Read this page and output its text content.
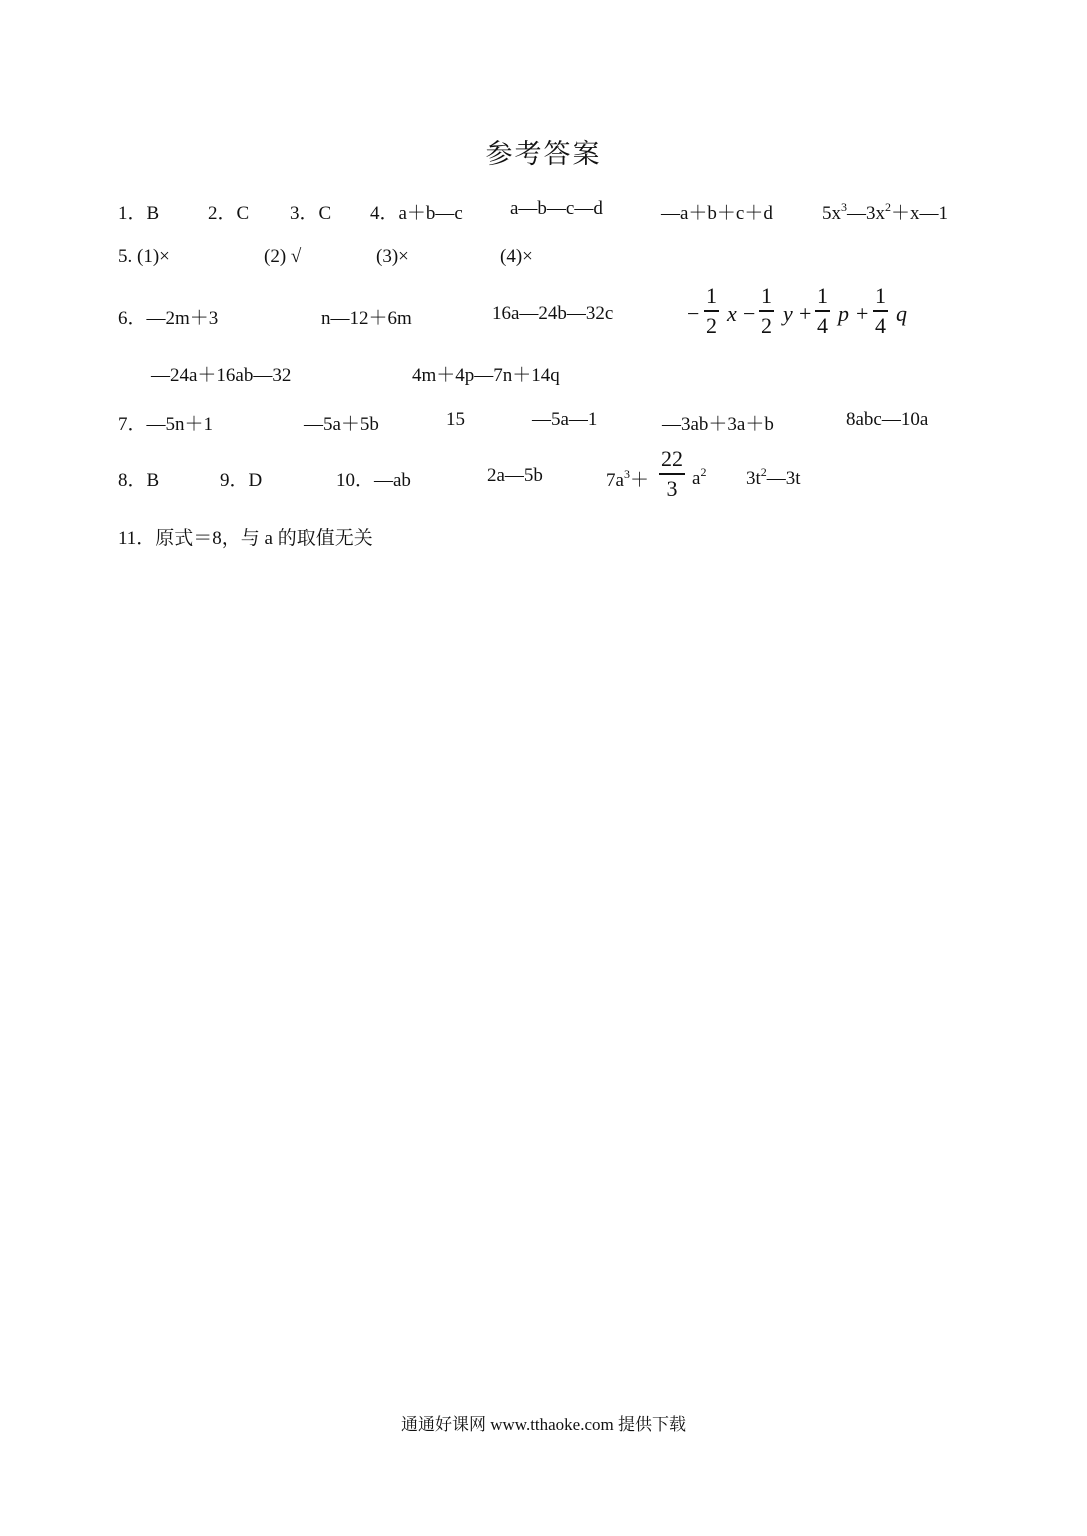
参考答案
1．B	2．C 3．C 4．a＋b—c a—b—c—d	—a＋b＋c＋d	$5x^3—3x^2+x—1$
5. (1)×	(2) √	(3)×	(4)×
6．—2m＋3	n—12＋6m	16a—24b—32c	−
1
2 x −
1
2 y +
1
4 p +
1
4 q
—24a＋16ab—32	4m＋4p—7n＋14q
7．—5n＋1	—5a＋5b	15	—5a—1	—3ab＋3a＋b	8abc—10a
8．B	9．D	10．—ab	2a—5b	$7a^3+ a^2$ $3t^2—3t$
22
3
11．原式＝8，与 a 的取值无关
通通好课网 www.tthaoke.com 提供下载
